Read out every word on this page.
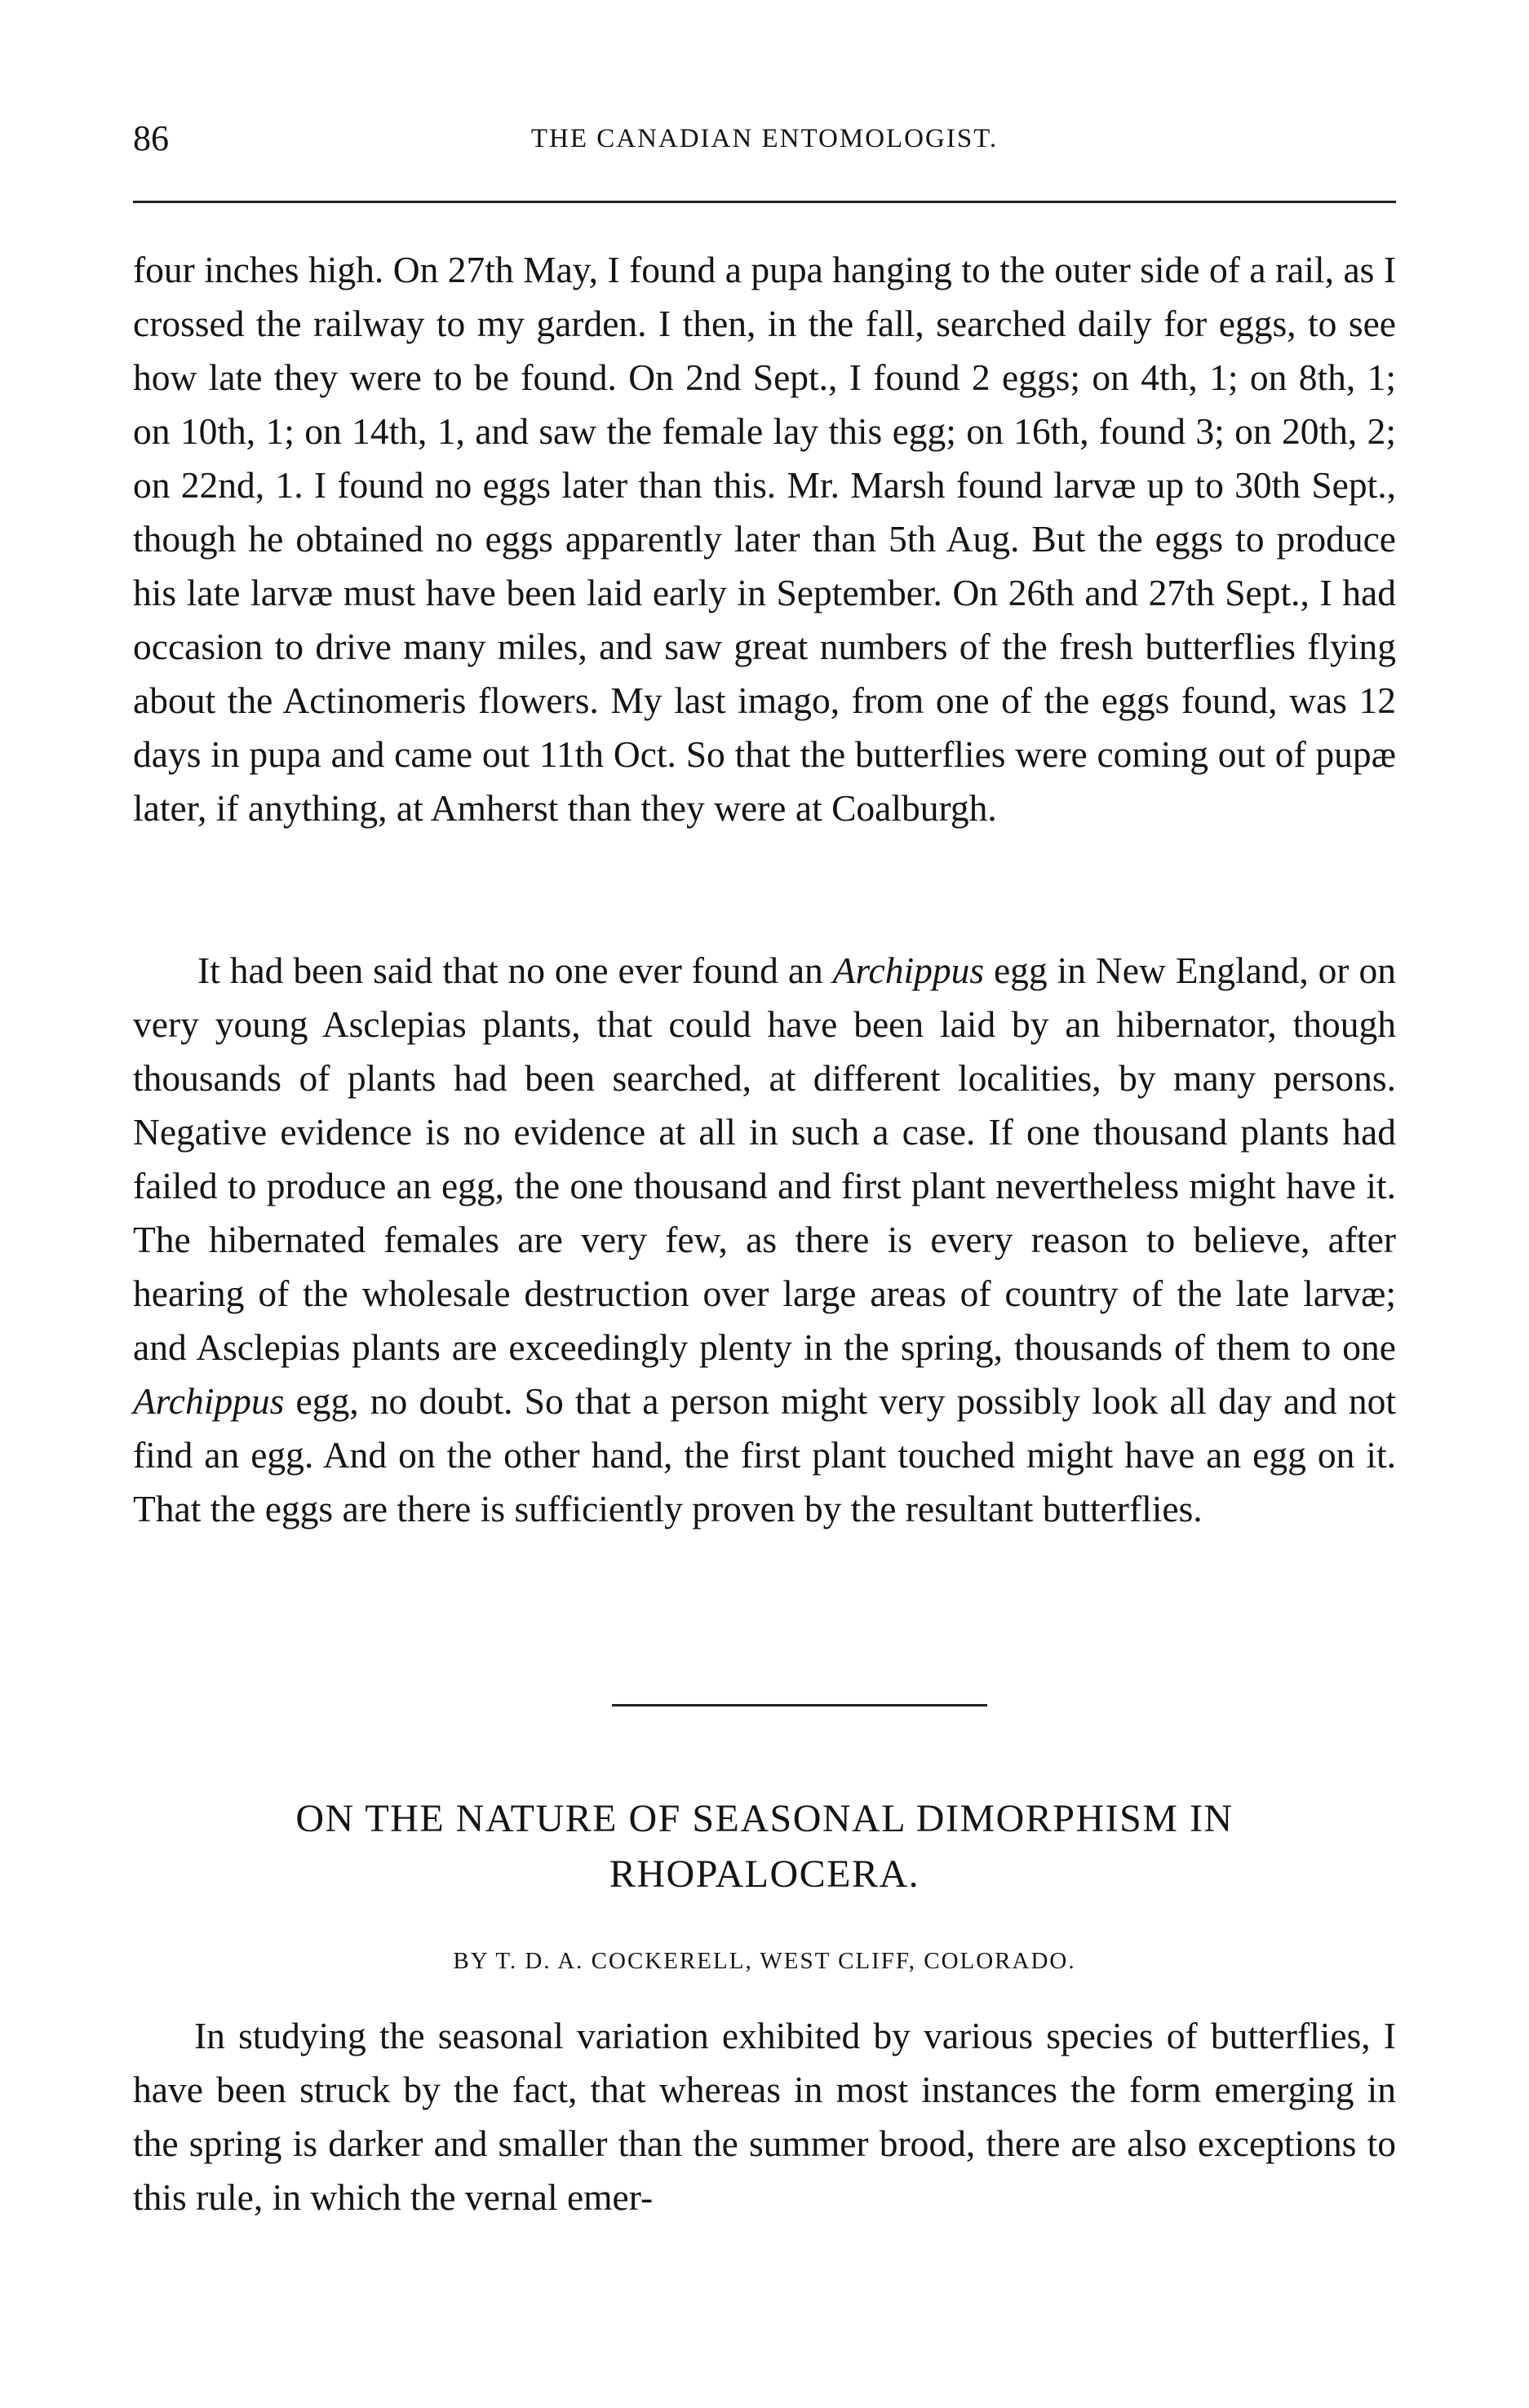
86	THE CANADIAN ENTOMOLOGIST.

four inches high. On 27th May, I found a pupa hanging to the outer side of a rail, as I crossed the railway to my garden. I then, in the fall, searched daily for eggs, to see how late they were to be found. On 2nd Sept., I found 2 eggs; on 4th, 1; on 8th, 1; on 10th, 1; on 14th, 1, and saw the female lay this egg; on 16th, found 3; on 20th, 2; on 22nd, 1. I found no eggs later than this. Mr. Marsh found larvæ up to 30th Sept., though he obtained no eggs apparently later than 5th Aug. But the eggs to produce his late larvæ must have been laid early in September. On 26th and 27th Sept., I had occasion to drive many miles, and saw great numbers of the fresh butterflies flying about the Actinomeris flowers. My last imago, from one of the eggs found, was 12 days in pupa and came out 11th Oct. So that the butterflies were coming out of pupæ later, if anything, at Amherst than they were at Coalburgh.

It had been said that no one ever found an Archippus egg in New England, or on very young Asclepias plants, that could have been laid by an hibernator, though thousands of plants had been searched, at different localities, by many persons. Negative evidence is no evidence at all in such a case. If one thousand plants had failed to produce an egg, the one thousand and first plant nevertheless might have it. The hibernated females are very few, as there is every reason to believe, after hearing of the wholesale destruction over large areas of country of the late larvæ; and Asclepias plants are exceedingly plenty in the spring, thousands of them to one Archippus egg, no doubt. So that a person might very possibly look all day and not find an egg. And on the other hand, the first plant touched might have an egg on it. That the eggs are there is sufficiently proven by the resultant butterflies.

ON THE NATURE OF SEASONAL DIMORPHISM IN
RHOPALOCERA.
BY T. D. A. COCKERELL, WEST CLIFF, COLORADO.

In studying the seasonal variation exhibited by various species of butterflies, I have been struck by the fact, that whereas in most instances the form emerging in the spring is darker and smaller than the summer brood, there are also exceptions to this rule, in which the vernal emer-
